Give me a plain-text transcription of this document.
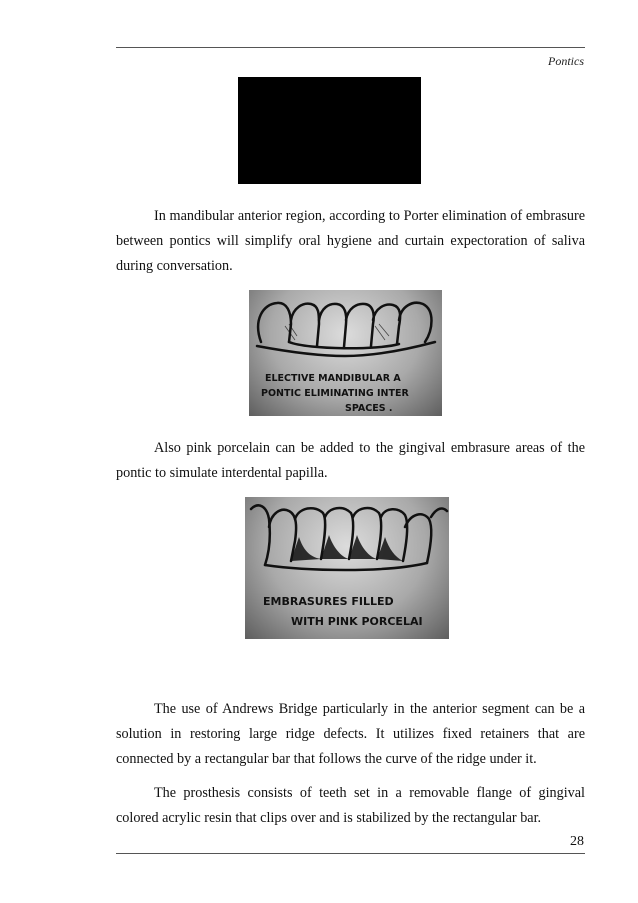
Pontics

In mandibular anterior region, according to Porter elimination of embrasure between pontics will simplify oral hygiene and curtain expectoration of saliva during conversation.

ELECTIVE MANDIBULAR A
PONTIC ELIMINATING INTER
SPACES .

Also pink porcelain can be added to the gingival embrasure areas of the pontic to simulate interdental papilla.

EMBRASURES FILLED
WITH PINK PORCELAI

The use of Andrews Bridge particularly in the anterior segment can be a solution in restoring large ridge defects. It utilizes fixed retainers that are connected by a rectangular bar that follows the curve of the ridge under it.

The prosthesis consists of teeth set in a removable flange of gingival colored acrylic resin that clips over and is stabilized by the rectangular bar.

28
